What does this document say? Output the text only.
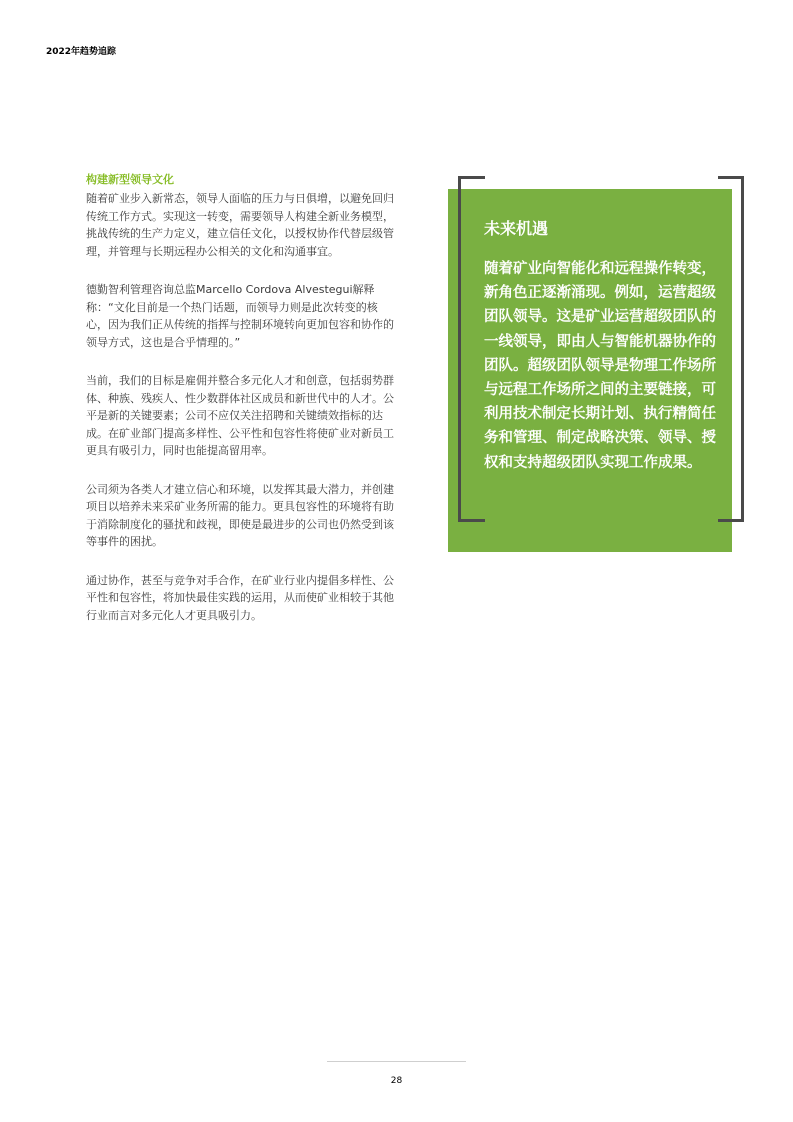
2022年趋势追踪
构建新型领导文化

随着矿业步入新常态，领导人面临的压力与日俱增，以避免回归传统工作方式。实现这一转变，需要领导人构建全新业务模型，挑战传统的生产力定义，建立信任文化，以授权协作代替层级管理，并管理与长期远程办公相关的文化和沟通事宜。

德勤智利管理咨询总监Marcello Cordova Alvestegui解释称：“文化目前是一个热门话题，而领导力则是此次转变的核心，因为我们正从传统的指挥与控制环境转向更加包容和协作的领导方式，这也是合乎情理的。”

当前，我们的目标是雇佣并整合多元化人才和创意，包括弱势群体、种族、残疾人、性少数群体社区成员和新世代中的人才。公平是新的关键要素；公司不应仅关注招聘和关键绩效指标的达成。在矿业部门提高多样性、公平性和包容性将使矿业对新员工更具有吸引力，同时也能提高留用率。

公司须为各类人才建立信心和环境，以发挥其最大潜力，并创建项目以培养未来采矿业务所需的能力。更具包容性的环境将有助于消除制度化的骚扰和歧视，即使是最进步的公司也仍然受到该等事件的困扰。

通过协作，甚至与竞争对手合作，在矿业行业内提倡多样性、公平性和包容性，将加快最佳实践的运用，从而使矿业相较于其他行业而言对多元化人才更具吸引力。

未来机遇

随着矿业向智能化和远程操作转变，新角色正逐渐涌现。例如，运营超级团队领导。这是矿业运营超级团队的一线领导，即由人与智能机器协作的团队。超级团队领导是物理工作场所与远程工作场所之间的主要链接，可利用技术制定长期计划、执行精简任务和管理、制定战略决策、领导、授权和支持超级团队实现工作成果。

28
